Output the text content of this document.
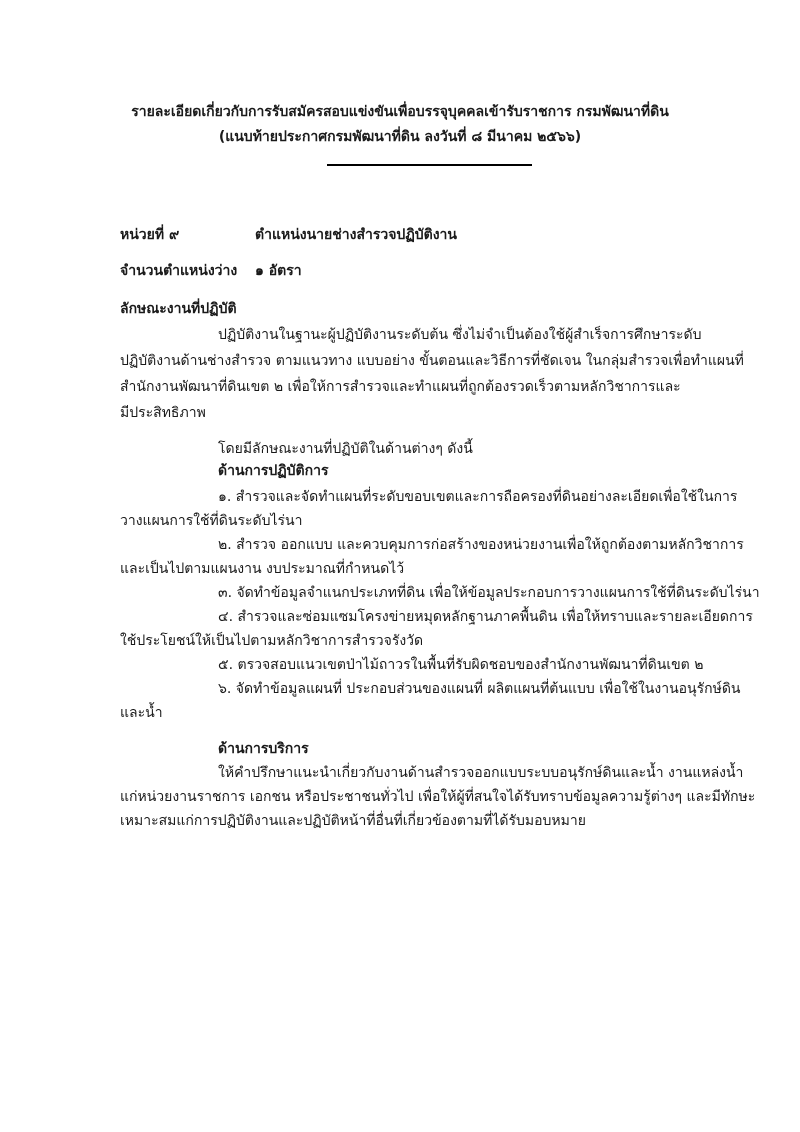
รายละเอียดเกี่ยวกับการรับสมัครสอบแข่งขันเพื่อบรรจุบุคคลเข้ารับราชการ กรมพัฒนาที่ดิน
(แนบท้ายประกาศกรมพัฒนาที่ดิน ลงวันที่ ๘ มีนาคม ๒๕๖๖)
หน่วยที่ ๙	ตำแหน่งนายช่างสำรวจปฏิบัติงาน
จำนวนตำแหน่งว่าง ๑ อัตรา
ลักษณะงานที่ปฏิบัติ
ปฏิบัติงานในฐานะผู้ปฏิบัติงานระดับต้น ซึ่งไม่จำเป็นต้องใช้ผู้สำเร็จการศึกษาระดับ
ปฏิบัติงานด้านช่างสำรวจ ตามแนวทาง แบบอย่าง ขั้นตอนและวิธีการที่ชัดเจน ในกลุ่มสำรวจเพื่อทำแผนที่
สำนักงานพัฒนาที่ดินเขต ๒ เพื่อให้การสำรวจและทำแผนที่ถูกต้องรวดเร็วตามหลักวิชาการและ
มีประสิทธิภาพ
โดยมีลักษณะงานที่ปฏิบัติในด้านต่างๆ ดังนี้
ด้านการปฏิบัติการ
๑. สำรวจและจัดทำแผนที่ระดับขอบเขตและการถือครองที่ดินอย่างละเอียดเพื่อใช้ในการ
วางแผนการใช้ที่ดินระดับไร่นา
๒. สำรวจ ออกแบบ และควบคุมการก่อสร้างของหน่วยงานเพื่อให้ถูกต้องตามหลักวิชาการ
และเป็นไปตามแผนงาน งบประมาณที่กำหนดไว้
๓. จัดทำข้อมูลจำแนกประเภทที่ดิน เพื่อให้ข้อมูลประกอบการวางแผนการใช้ที่ดินระดับไร่นา
๔. สำรวจและซ่อมแซมโครงข่ายหมุดหลักฐานภาคพื้นดิน เพื่อให้ทราบและรายละเอียดการ
ใช้ประโยชน์ให้เป็นไปตามหลักวิชาการสำรวจรังวัด
๕. ตรวจสอบแนวเขตป่าไม้ถาวรในพื้นที่รับผิดชอบของสำนักงานพัฒนาที่ดินเขต ๒
๖. จัดทำข้อมูลแผนที่ ประกอบส่วนของแผนที่ ผลิตแผนที่ต้นแบบ เพื่อใช้ในงานอนุรักษ์ดิน
และน้ำ
ด้านการบริการ
ให้คำปรึกษาแนะนำเกี่ยวกับงานด้านสำรวจออกแบบระบบอนุรักษ์ดินและน้ำ งานแหล่งน้ำ
แก่หน่วยงานราชการ เอกชน หรือประชาชนทั่วไป เพื่อให้ผู้ที่สนใจได้รับทราบข้อมูลความรู้ต่างๆ และมีทักษะ
เหมาะสมแก่การปฏิบัติงานและปฏิบัติหน้าที่อื่นที่เกี่ยวข้องตามที่ได้รับมอบหมาย
